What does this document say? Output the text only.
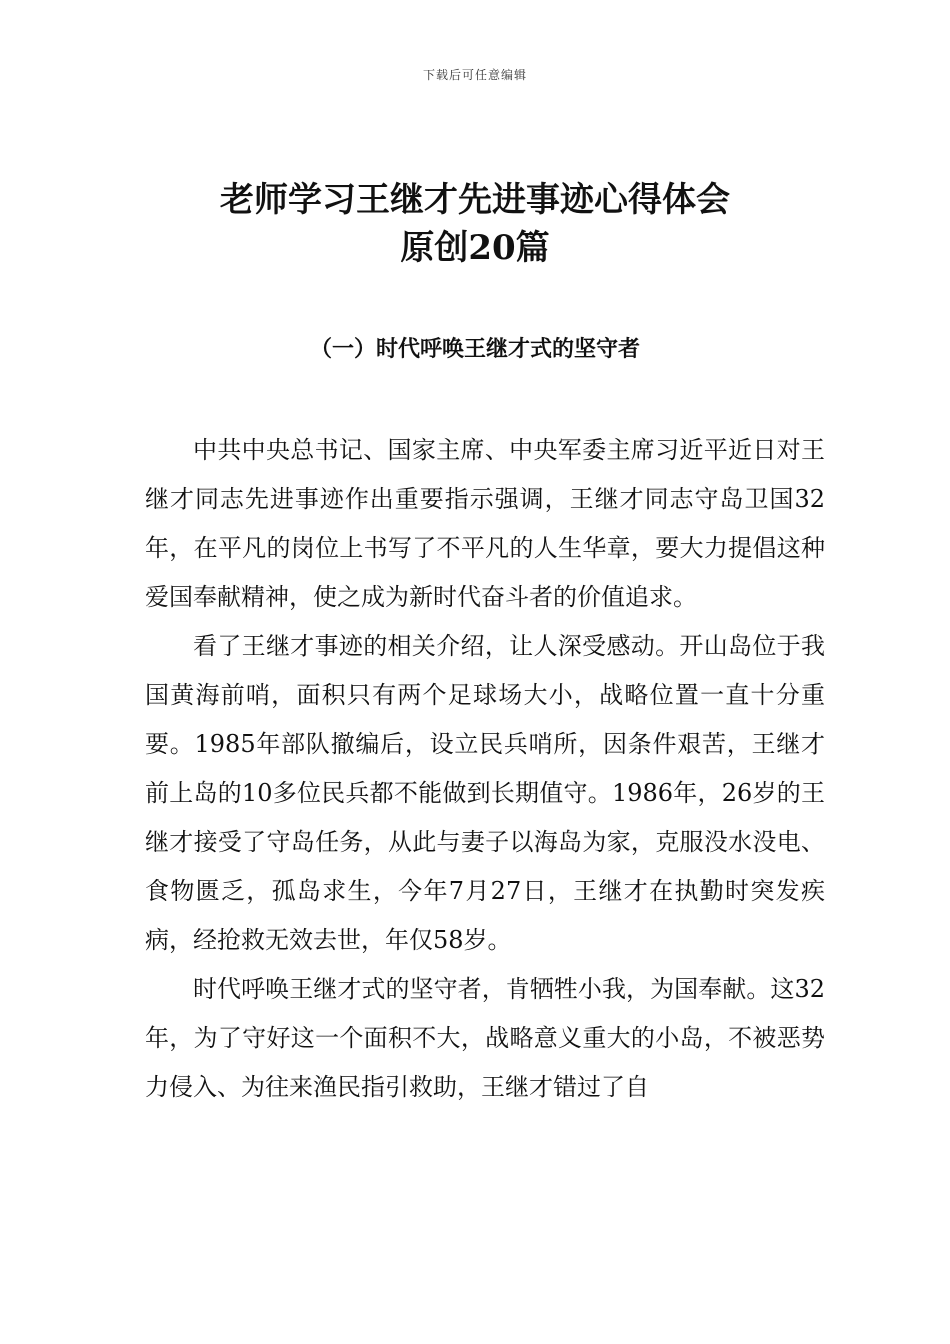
下载后可任意编辑
老师学习王继才先进事迹心得体会
原创20篇
（一）时代呼唤王继才式的坚守者

中共中央总书记、国家主席、中央军委主席习近平近日对王继才同志先进事迹作出重要指示强调，王继才同志守岛卫国32年，在平凡的岗位上书写了不平凡的人生华章，要大力提倡这种爱国奉献精神，使之成为新时代奋斗者的价值追求。

看了王继才事迹的相关介绍，让人深受感动。开山岛位于我国黄海前哨，面积只有两个足球场大小，战略位置一直十分重要。1985年部队撤编后，设立民兵哨所，因条件艰苦，王继才前上岛的10多位民兵都不能做到长期值守。1986年，26岁的王继才接受了守岛任务，从此与妻子以海岛为家，克服没水没电、食物匮乏，孤岛求生，今年7月27日，王继才在执勤时突发疾病，经抢救无效去世，年仅58岁。

时代呼唤王继才式的坚守者，肯牺牲小我，为国奉献。这32年，为了守好这一个面积不大，战略意义重大的小岛，不被恶势力侵入、为往来渔民指引救助，王继才错过了自
